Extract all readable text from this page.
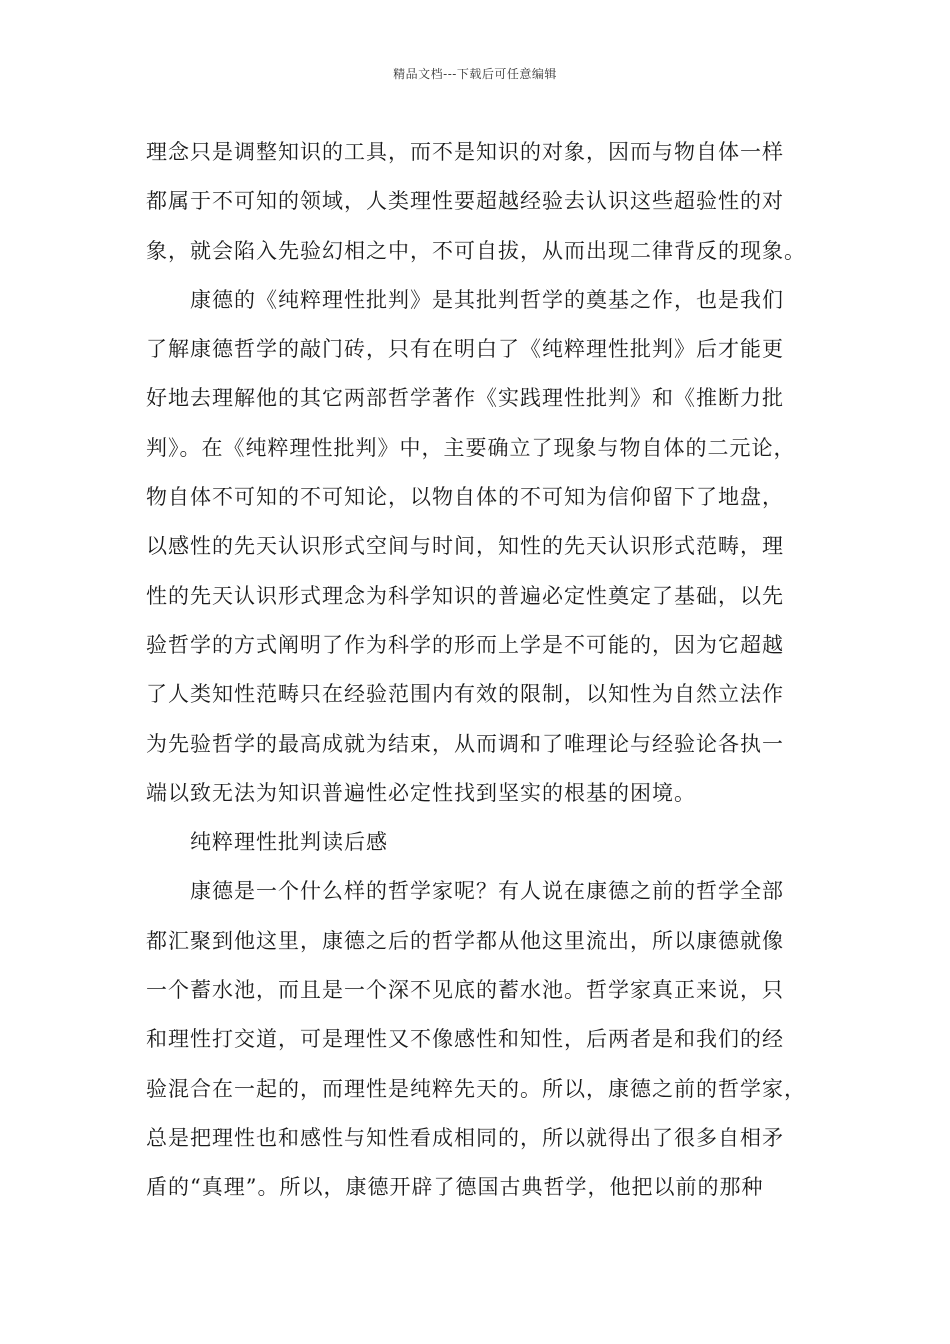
精品文档---下载后可任意编辑
理念只是调整知识的工具，而不是知识的对象，因而与物自体一样
都属于不可知的领域，人类理性要超越经验去认识这些超验性的对
象，就会陷入先验幻相之中，不可自拔，从而出现二律背反的现象。
康德的《纯粹理性批判》是其批判哲学的奠基之作，也是我们
了解康德哲学的敲门砖，只有在明白了《纯粹理性批判》后才能更
好地去理解他的其它两部哲学著作《实践理性批判》和《推断力批
判》。在《纯粹理性批判》中，主要确立了现象与物自体的二元论，
物自体不可知的不可知论，以物自体的不可知为信仰留下了地盘，
以感性的先天认识形式空间与时间，知性的先天认识形式范畴，理
性的先天认识形式理念为科学知识的普遍必定性奠定了基础，以先
验哲学的方式阐明了作为科学的形而上学是不可能的，因为它超越
了人类知性范畴只在经验范围内有效的限制，以知性为自然立法作
为先验哲学的最高成就为结束，从而调和了唯理论与经验论各执一
端以致无法为知识普遍性必定性找到坚实的根基的困境。
纯粹理性批判读后感
康德是一个什么样的哲学家呢？有人说在康德之前的哲学全部
都汇聚到他这里，康德之后的哲学都从他这里流出，所以康德就像
一个蓄水池，而且是一个深不见底的蓄水池。哲学家真正来说，只
和理性打交道，可是理性又不像感性和知性，后两者是和我们的经
验混合在一起的，而理性是纯粹先天的。所以，康德之前的哲学家，
总是把理性也和感性与知性看成相同的，所以就得出了很多自相矛
盾的“真理”。所以，康德开辟了德国古典哲学，他把以前的那种
